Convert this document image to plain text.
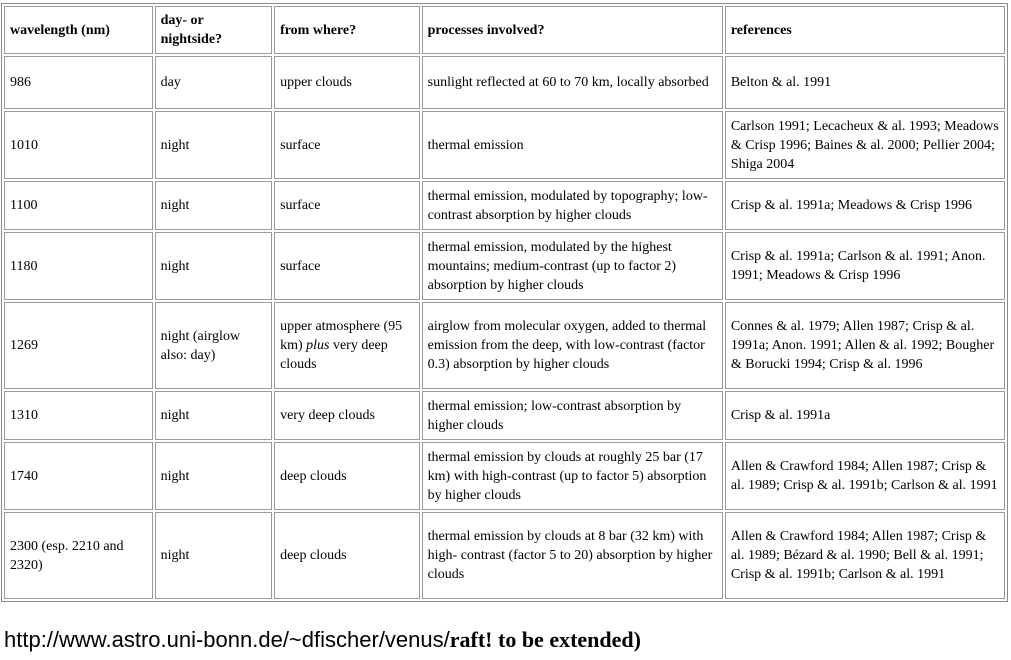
wavelength (nm)	day- or nightside?	from where?	processes involved?	references
986	day	upper clouds	sunlight reflected at 60 to 70 km, locally absorbed	Belton & al. 1991
1010	night	surface	thermal emission	Carlson 1991; Lecacheux & al. 1993; Meadows & Crisp 1996; Baines & al. 2000; Pellier 2004; Shiga 2004
1100	night	surface	thermal emission, modulated by topography; low-contrast absorption by higher clouds	Crisp & al. 1991a; Meadows & Crisp 1996
1180	night	surface	thermal emission, modulated by the highest mountains; medium-contrast (up to factor 2) absorption by higher clouds	Crisp & al. 1991a; Carlson & al. 1991; Anon. 1991; Meadows & Crisp 1996
1269	night (airglow also: day)	upper atmosphere (95 km) plus very deep clouds	airglow from molecular oxygen, added to thermal emission from the deep, with low-contrast (factor 0.3) absorption by higher clouds	Connes & al. 1979; Allen 1987; Crisp & al. 1991a; Anon. 1991; Allen & al. 1992; Bougher & Borucki 1994; Crisp & al. 1996
1310	night	very deep clouds	thermal emission; low-contrast absorption by higher clouds	Crisp & al. 1991a
1740	night	deep clouds	thermal emission by clouds at roughly 25 bar (17 km) with high-contrast (up to factor 5) absorption by higher clouds	Allen & Crawford 1984; Allen 1987; Crisp & al. 1989; Crisp & al. 1991b; Carlson & al. 1991
2300 (esp. 2210 and 2320)	night	deep clouds	thermal emission by clouds at 8 bar (32 km) with high- contrast (factor 5 to 20) absorption by higher clouds	Allen & Crawford 1984; Allen 1987; Crisp & al. 1989; Bézard & al. 1990; Bell & al. 1991; Crisp & al. 1991b; Carlson & al. 1991
http://www.astro.uni-bonn.de/~dfischer/venus/raft! to be extended)
